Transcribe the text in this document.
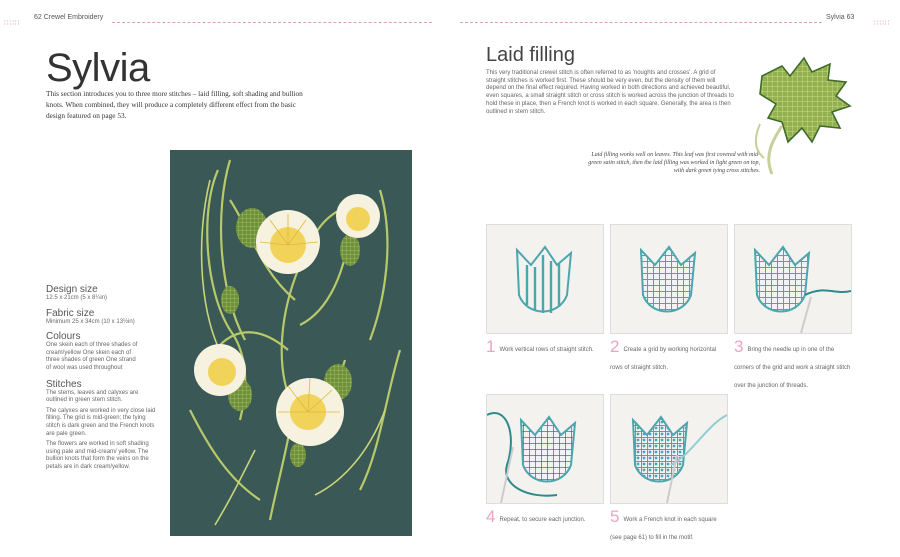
∷∷∷
62 Crewel Embroidery	Sylvia 63
∷∷∷
Sylvia
This section introduces you to three more stitches – laid filling, soft shading and bullion knots. When combined, they will produce a completely different effect from the basic design featured on page 53.
Design size

12.5 x 21cm (5 x 8¼in)

Fabric size

Minimum 25 x 34cm (10 x 13½in)

Colours

One skein each of three shades of cream/yellow One skein each of three shades of green One strand of wool was used throughout

Stitches

The stems, leaves and calyxes are outlined in green stem stitch.

The calyxes are worked in very close laid filling. The grid is mid-green; the tying stitch is dark green and the French knots are pale green.

The flowers are worked in soft shading using pale and mid-cream/ yellow. The bullion knots that form the veins on the petals are in dark cream/yellow.

Laid filling
This very traditional crewel stitch is often referred to as 'noughts and crosses'. A grid of straight stitches is worked first. These should be very even, but the density of them will depend on the final effect required. Having worked in both directions and achieved beautiful, even squares, a small straight stitch or cross stitch is worked across the junction of threads to hold these in place, then a French knot is worked in each square. Generally, the area is then outlined in stem stitch.
Laid filling works well on leaves. This leaf was first covered with mid-green satin stitch, then the laid filling was worked in light green on top, with dark green tying cross stitches.
1 Work vertical rows of straight stitch. 2 Create a grid by working horizontal rows of straight stitch.
3 Bring the needle up in one of the corners of the grid and work a straight stitch over the junction of threads.
4 Repeat, to secure each junction.	5 Work a French knot in each square (see page 61) to fill in the motif.
